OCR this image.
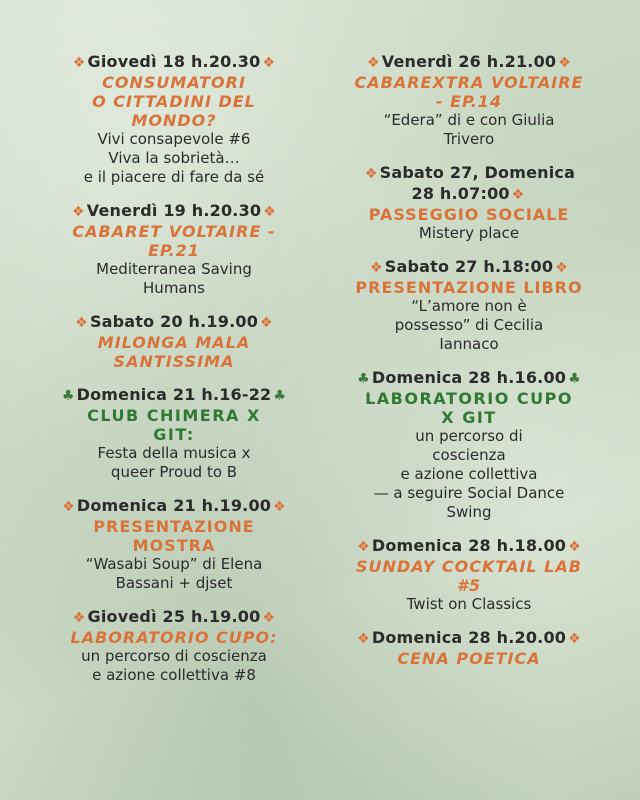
❖ Giovedì 18 h.20.30 ❖
CONSUMATORI
O CITTADINI DEL
MONDO?
Vivi consapevole #6
Viva la sobrietà…
e il piacere di fare da sé
❖ Venerdì 19 h.20.30 ❖
CABARET VOLTAIRE -
EP.21
Mediterranea Saving
Humans
❖ Sabato 20 h.19.00 ❖
MILONGA MALA
SANTISSIMA
♣ Domenica 21 h.16-22 ♣
CLUB CHIMERA X
GIT:
Festa della musica x
queer Proud to B
❖ Domenica 21 h.19.00 ❖
PRESENTAZIONE
MOSTRA
“Wasabi Soup” di Elena
Bassani + djset
❖ Giovedì 25 h.19.00 ❖
LABORATORIO CUPO:
un percorso di coscienza
e azione collettiva #8
❖ Venerdì 26 h.21.00 ❖
CABAREXTRA VOLTAIRE
- EP.14
“Edera” di e con Giulia
Trivero
❖ Sabato 27, Domenica
28 h.07:00 ❖
PASSEGGIO SOCIALE
Mistery place
❖ Sabato 27 h.18:00 ❖
PRESENTAZIONE LIBRO
“L’amore non è
possesso” di Cecilia
Iannaco
♣ Domenica 28 h.16.00 ♣
LABORATORIO CUPO
X GIT
un percorso di
coscienza
e azione collettiva
— a seguire Social Dance
Swing
❖ Domenica 28 h.18.00 ❖
SUNDAY COCKTAIL LAB
#5
Twist on Classics
❖ Domenica 28 h.20.00 ❖
CENA POETICA
